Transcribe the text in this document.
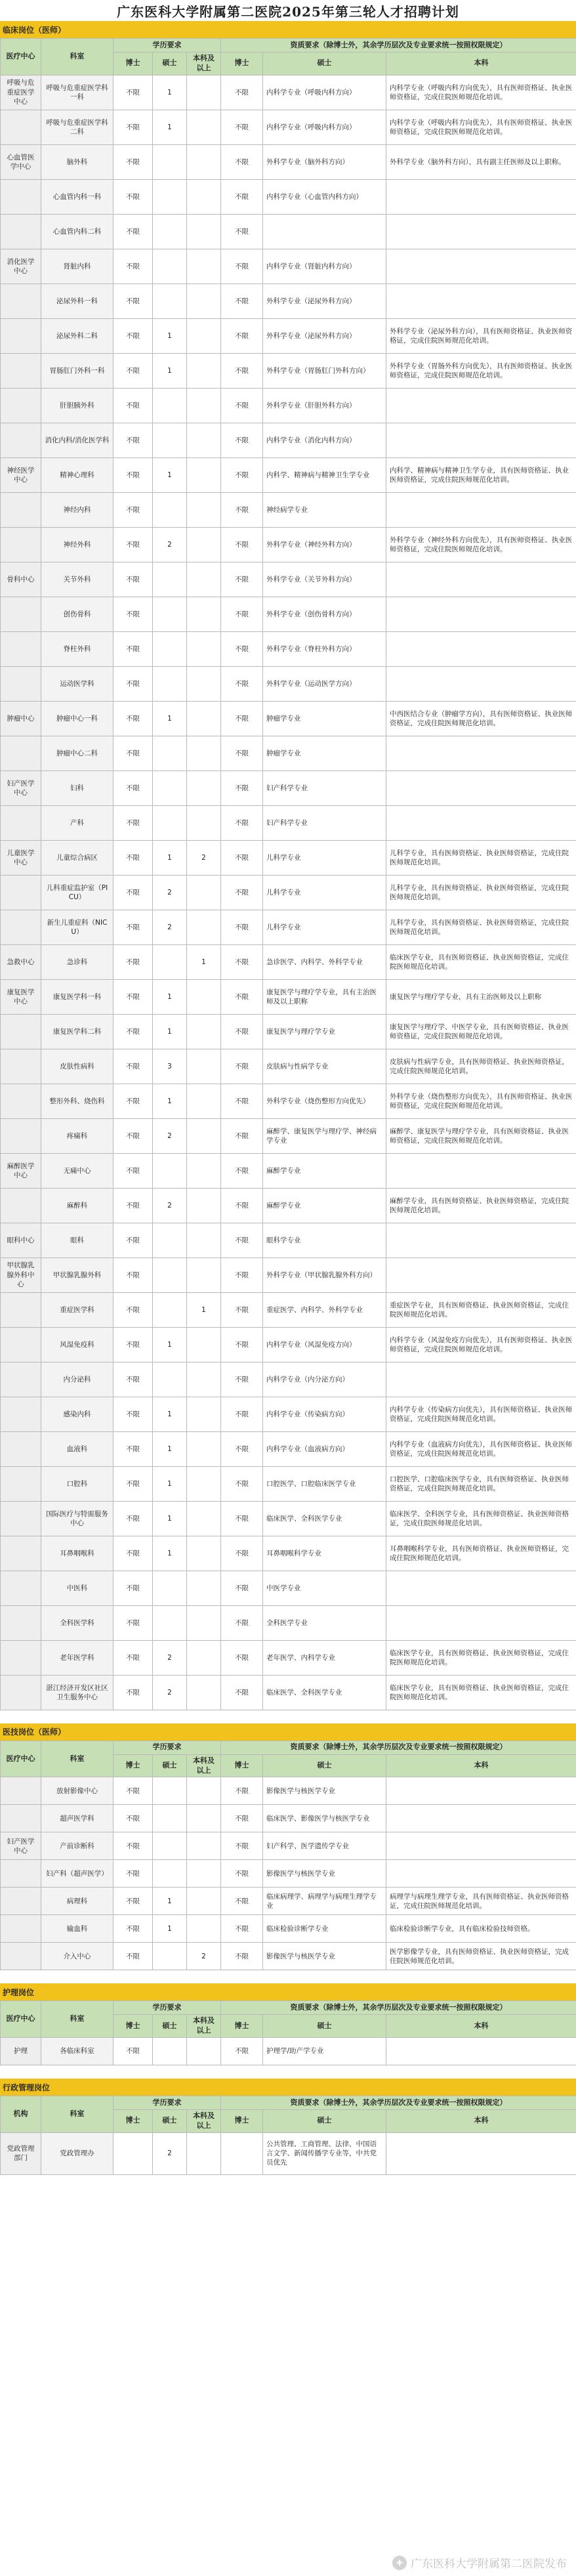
广东医科大学附属第二医院2025年第三轮人才招聘计划
临床岗位（医师）
医疗中心	科室	学历要求			资质要求（除博士外，其余学历层次及专业要求统一按照权限规定）		
		博士	硕士	本科及以上	博士	硕士	本科
呼吸与危重症医学中心	呼吸与危重症医学科一科	不限	1		不限	内科学专业（呼吸内科方向）	内科学专业（呼吸内科方向优先），具有医师资格证、执业医师资格证，完成住院医师规范化培训。
	呼吸与危重症医学科二科	不限	1		不限	内科学专业（呼吸内科方向）	内科学专业（呼吸内科方向优先），具有医师资格证、执业医师资格证，完成住院医师规范化培训。
心血管医学中心	脑外科	不限			不限	外科学专业（脑外科方向）	外科学专业（脑外科方向），具有副主任医师及以上职称。
	心血管内科一科	不限			不限	内科学专业（心血管内科方向）	
	心血管内科二科	不限			不限		
消化医学中心	肾脏内科	不限			不限	内科学专业（肾脏内科方向）	
	泌尿外科一科	不限			不限	外科学专业（泌尿外科方向）	
	泌尿外科二科	不限	1		不限	外科学专业（泌尿外科方向）	外科学专业（泌尿外科方向），具有医师资格证、执业医师资格证，完成住院医师规范化培训。
	胃肠肛门外科一科	不限	1		不限	外科学专业（胃肠肛门外科方向）	外科学专业（胃肠外科方向优先），具有医师资格证、执业医师资格证，完成住院医师规范化培训。
	肝胆胰外科	不限			不限	外科学专业（肝胆外科方向）	
	消化内科/消化医学科	不限			不限	内科学专业（消化内科方向）	
神经医学中心	精神心理科	不限	1		不限	内科学、精神病与精神卫生学专业	内科学、精神病与精神卫生学专业，具有医师资格证、执业医师资格证，完成住院医师规范化培训。
	神经内科	不限			不限	神经病学专业	
	神经外科	不限	2		不限	外科学专业（神经外科方向）	外科学专业（神经外科方向优先），具有医师资格证、执业医师资格证，完成住院医师规范化培训。
骨科中心	关节外科	不限			不限	外科学专业（关节外科方向）	
	创伤骨科	不限			不限	外科学专业（创伤骨科方向）	
	脊柱外科	不限			不限	外科学专业（脊柱外科方向）	
	运动医学科	不限			不限	外科学专业（运动医学方向）	
肿瘤中心	肿瘤中心一科	不限	1		不限	肿瘤学专业	中西医结合专业（肿瘤学方向），具有医师资格证、执业医师资格证，完成住院医师规范化培训。
	肿瘤中心二科	不限			不限	肿瘤学专业	
妇产医学中心	妇科	不限			不限	妇产科学专业	
	产科	不限			不限	妇产科学专业	
儿童医学中心	儿童综合病区	不限	1	2	不限	儿科学专业	儿科学专业，具有医师资格证、执业医师资格证，完成住院医师规范化培训。
	儿科重症监护室（PICU）	不限	2		不限	儿科学专业	儿科学专业，具有医师资格证、执业医师资格证，完成住院医师规范化培训。
	新生儿重症科（NICU）	不限	2		不限	儿科学专业	儿科学专业，具有医师资格证、执业医师资格证，完成住院医师规范化培训。
急救中心	急诊科	不限		1	不限	急诊医学、内科学、外科学专业	临床医学专业，具有医师资格证、执业医师资格证，完成住院医师规范化培训。
康复医学中心	康复医学科一科	不限	1		不限	康复医学与理疗学专业，具有主治医师及以上职称	康复医学与理疗学专业，具有主治医师及以上职称
	康复医学科二科	不限	1		不限	康复医学与理疗学专业	康复医学与理疗学、中医学专业，具有医师资格证、执业医师资格证，完成住院医师规范化培训。
	皮肤性病科	不限	3		不限	皮肤病与性病学专业	皮肤病与性病学专业，具有医师资格证、执业医师资格证，完成住院医师规范化培训。
	整形外科、烧伤科	不限	1		不限	外科学专业（烧伤整形方向优先）	外科学专业（烧伤整形方向优先），具有医师资格证、执业医师资格证，完成住院医师规范化培训。
	疼痛科	不限	2		不限	麻醉学、康复医学与理疗学、神经病学专业	麻醉学、康复医学与理疗学专业，具有医师资格证、执业医师资格证，完成住院医师规范化培训。
麻醉医学中心	无痛中心	不限			不限	麻醉学专业	
	麻醉科	不限	2		不限	麻醉学专业	麻醉学专业，具有医师资格证、执业医师资格证，完成住院医师规范化培训。
眼科中心	眼科	不限			不限	眼科学专业	
甲状腺乳腺外科中心	甲状腺乳腺外科	不限			不限	外科学专业（甲状腺乳腺外科方向）	
	重症医学科	不限		1	不限	重症医学、内科学、外科学专业	重症医学专业，具有医师资格证、执业医师资格证，完成住院医师规范化培训。
	风湿免疫科	不限	1		不限	内科学专业（风湿免疫方向）	内科学专业（风湿免疫方向优先），具有医师资格证、执业医师资格证，完成住院医师规范化培训。
	内分泌科	不限			不限	内科学专业（内分泌方向）	
	感染内科	不限	1		不限	内科学专业（传染病方向）	内科学专业（传染病方向优先），具有医师资格证、执业医师资格证，完成住院医师规范化培训。
	血液科	不限	1		不限	内科学专业（血液病方向）	内科学专业（血液病方向优先），具有医师资格证、执业医师资格证，完成住院医师规范化培训。
	口腔科	不限	1		不限	口腔医学、口腔临床医学专业	口腔医学、口腔临床医学专业，具有医师资格证、执业医师资格证，完成住院医师规范化培训。
	国际医疗与特需服务中心	不限	1		不限	临床医学、全科医学专业	临床医学、全科医学专业，具有医师资格证、执业医师资格证，完成住院医师规范化培训。
	耳鼻咽喉科	不限	1		不限	耳鼻咽喉科学专业	耳鼻咽喉科学专业，具有医师资格证、执业医师资格证，完成住院医师规范化培训。
	中医科	不限			不限	中医学专业	
	全科医学科	不限			不限	全科医学专业	
	老年医学科	不限	2		不限	老年医学、内科学专业	临床医学专业，具有医师资格证、执业医师资格证，完成住院医师规范化培训。
	湛江经济开发区社区卫生服务中心	不限	2		不限	临床医学、全科医学专业	临床医学专业，具有医师资格证、执业医师资格证，完成住院医师规范化培训。
医技岗位（医师）
医疗中心	科室	学历要求			资质要求（除博士外，其余学历层次及专业要求统一按照权限规定）		
		博士	硕士	本科及以上	博士	硕士	本科
	放射影像中心	不限			不限	影像医学与核医学专业	
	超声医学科	不限			不限	临床医学、影像医学与核医学专业	
妇产医学中心	产前诊断科	不限			不限	妇产科学、医学遗传学专业	
	妇产科（超声医学）	不限			不限	影像医学与核医学专业	
	病理科	不限	1		不限	临床病理学、病理学与病理生理学专业	病理学与病理生理学专业，具有医师资格证、执业医师资格证，完成住院医师规范化培训。
	输血科	不限	1		不限	临床检验诊断学专业	临床检验诊断学专业，具有临床检验技师资格。
	介入中心	不限		2	不限	影像医学与核医学专业	医学影像学专业，具有医师资格证、执业医师资格证，完成住院医师规范化培训。
护理岗位
医疗中心	科室	学历要求			资质要求（除博士外，其余学历层次及专业要求统一按照权限规定）		
		博士	硕士	本科及以上	博士	硕士	本科
护理	各临床科室	不限			不限	护理学/助产学专业	
行政管理岗位
机构	科室	学历要求			资质要求（除博士外，其余学历层次及专业要求统一按照权限规定）		
		博士	硕士	本科及以上	博士	硕士	本科
党政管理部门	党政管理办		2			公共管理、工商管理、法律、中国语言文学、新闻传播学专业等，中共党员优先	
✚ 广东医科大学附属第二医院发布
